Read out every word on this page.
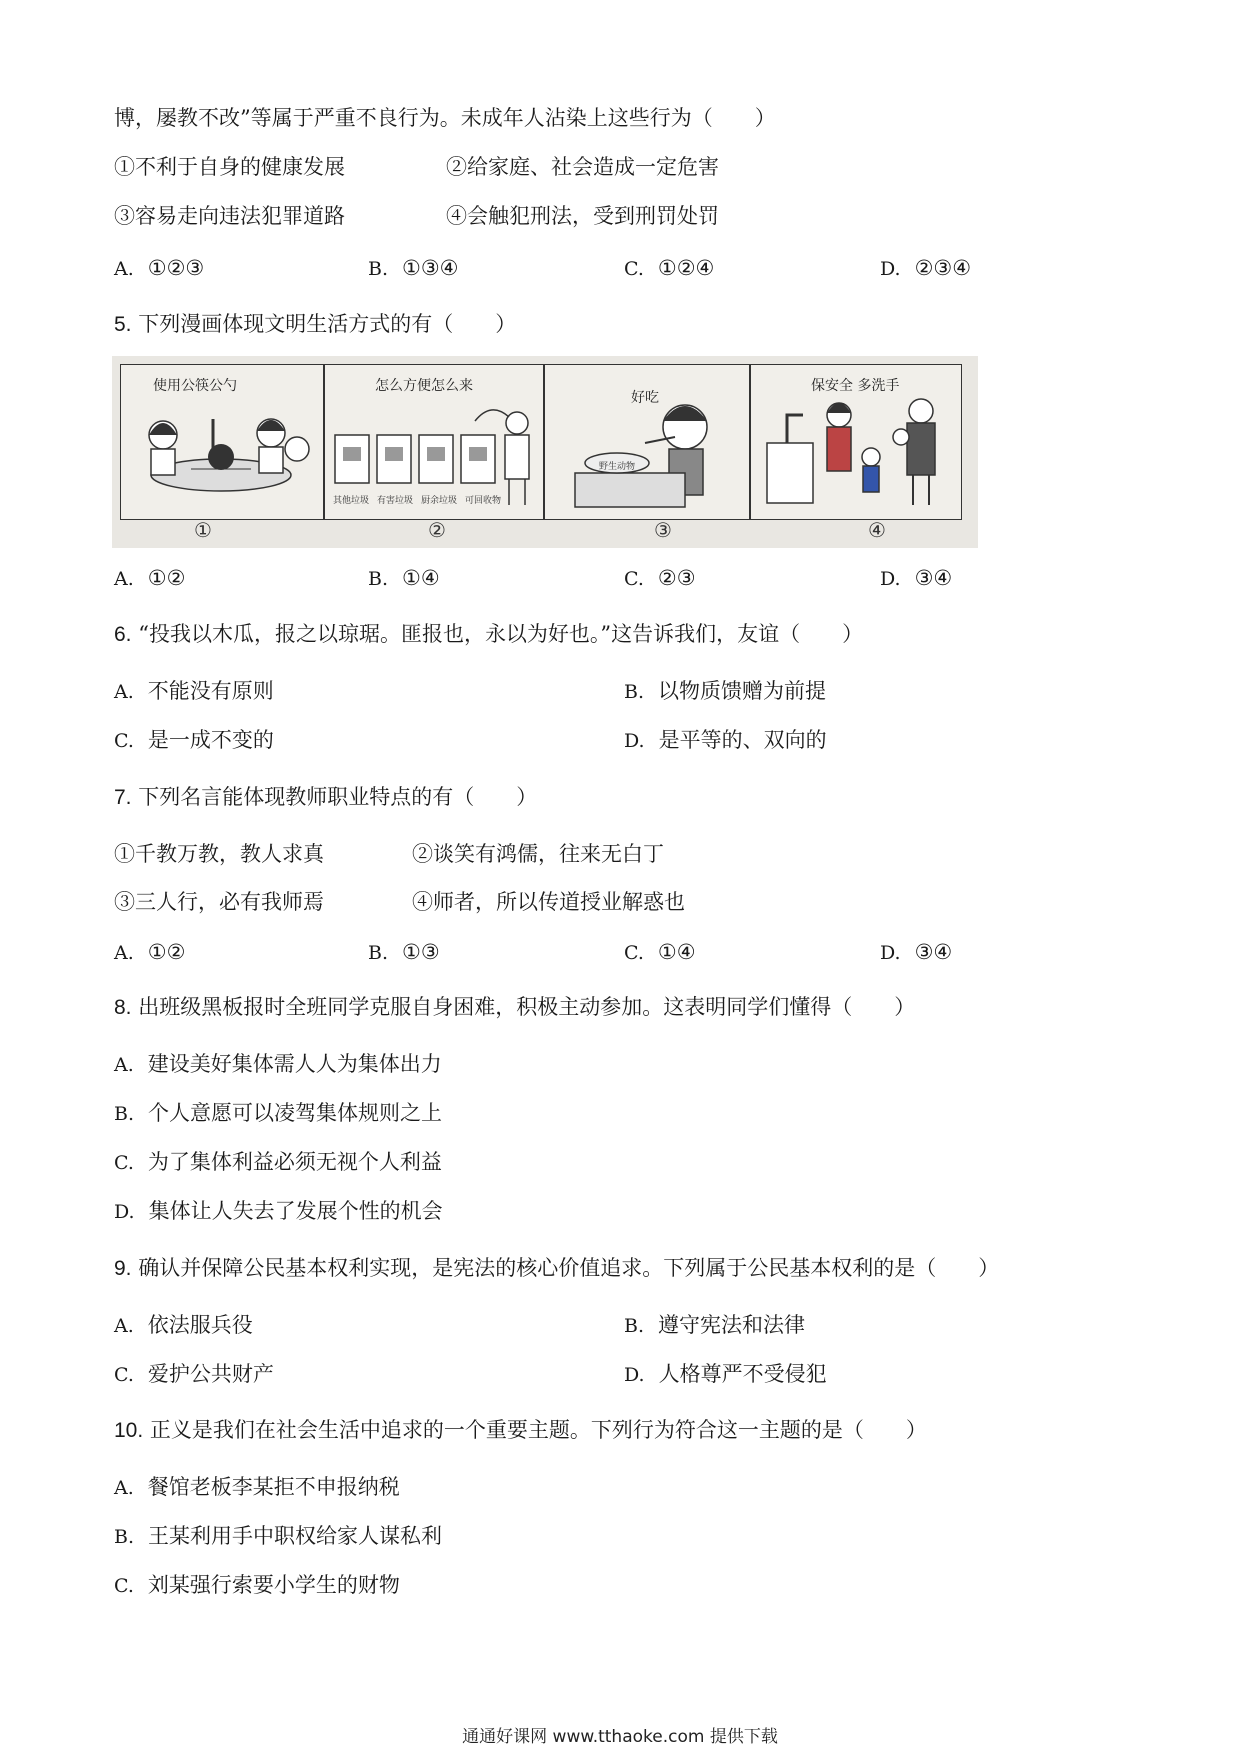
博，屡教不改”等属于严重不良行为。未成年人沾染上这些行为（　　）
①不利于自身的健康发展	②给家庭、社会造成一定危害
③容易走向违法犯罪道路	④会触犯刑法，受到刑罚处罚
A. ①②③	B. ①③④	C. ①②④	D. ②③④
5. 下列漫画体现文明生活方式的有（　　）
使用公筷公勺	怎么方便怎么来
其他垃圾 有害垃圾 厨余垃圾 可回收物
好吃
野生动物
保安全 多洗手
①	②	③	④
A. ①②	B. ①④	C. ②③	D. ③④
6. “投我以木瓜，报之以琼琚。匪报也，永以为好也。”这告诉我们，友谊（　　）
A. 不能没有原则	B. 以物质馈赠为前提
C. 是一成不变的	D. 是平等的、双向的
7. 下列名言能体现教师职业特点的有（　　）
①千教万教，教人求真	②谈笑有鸿儒，往来无白丁
③三人行，必有我师焉	④师者，所以传道授业解惑也
A. ①②	B. ①③	C. ①④	D. ③④
8. 出班级黑板报时全班同学克服自身困难，积极主动参加。这表明同学们懂得（　　）
A. 建设美好集体需人人为集体出力
B. 个人意愿可以凌驾集体规则之上
C. 为了集体利益必须无视个人利益
D. 集体让人失去了发展个性的机会
9. 确认并保障公民基本权利实现，是宪法的核心价值追求。下列属于公民基本权利的是（　　）
A. 依法服兵役	B. 遵守宪法和法律
C. 爱护公共财产	D. 人格尊严不受侵犯
10. 正义是我们在社会生活中追求的一个重要主题。下列行为符合这一主题的是（　　）
A. 餐馆老板李某拒不申报纳税
B. 王某利用手中职权给家人谋私利
C. 刘某强行索要小学生的财物
通通好课网 www.tthaoke.com 提供下载
